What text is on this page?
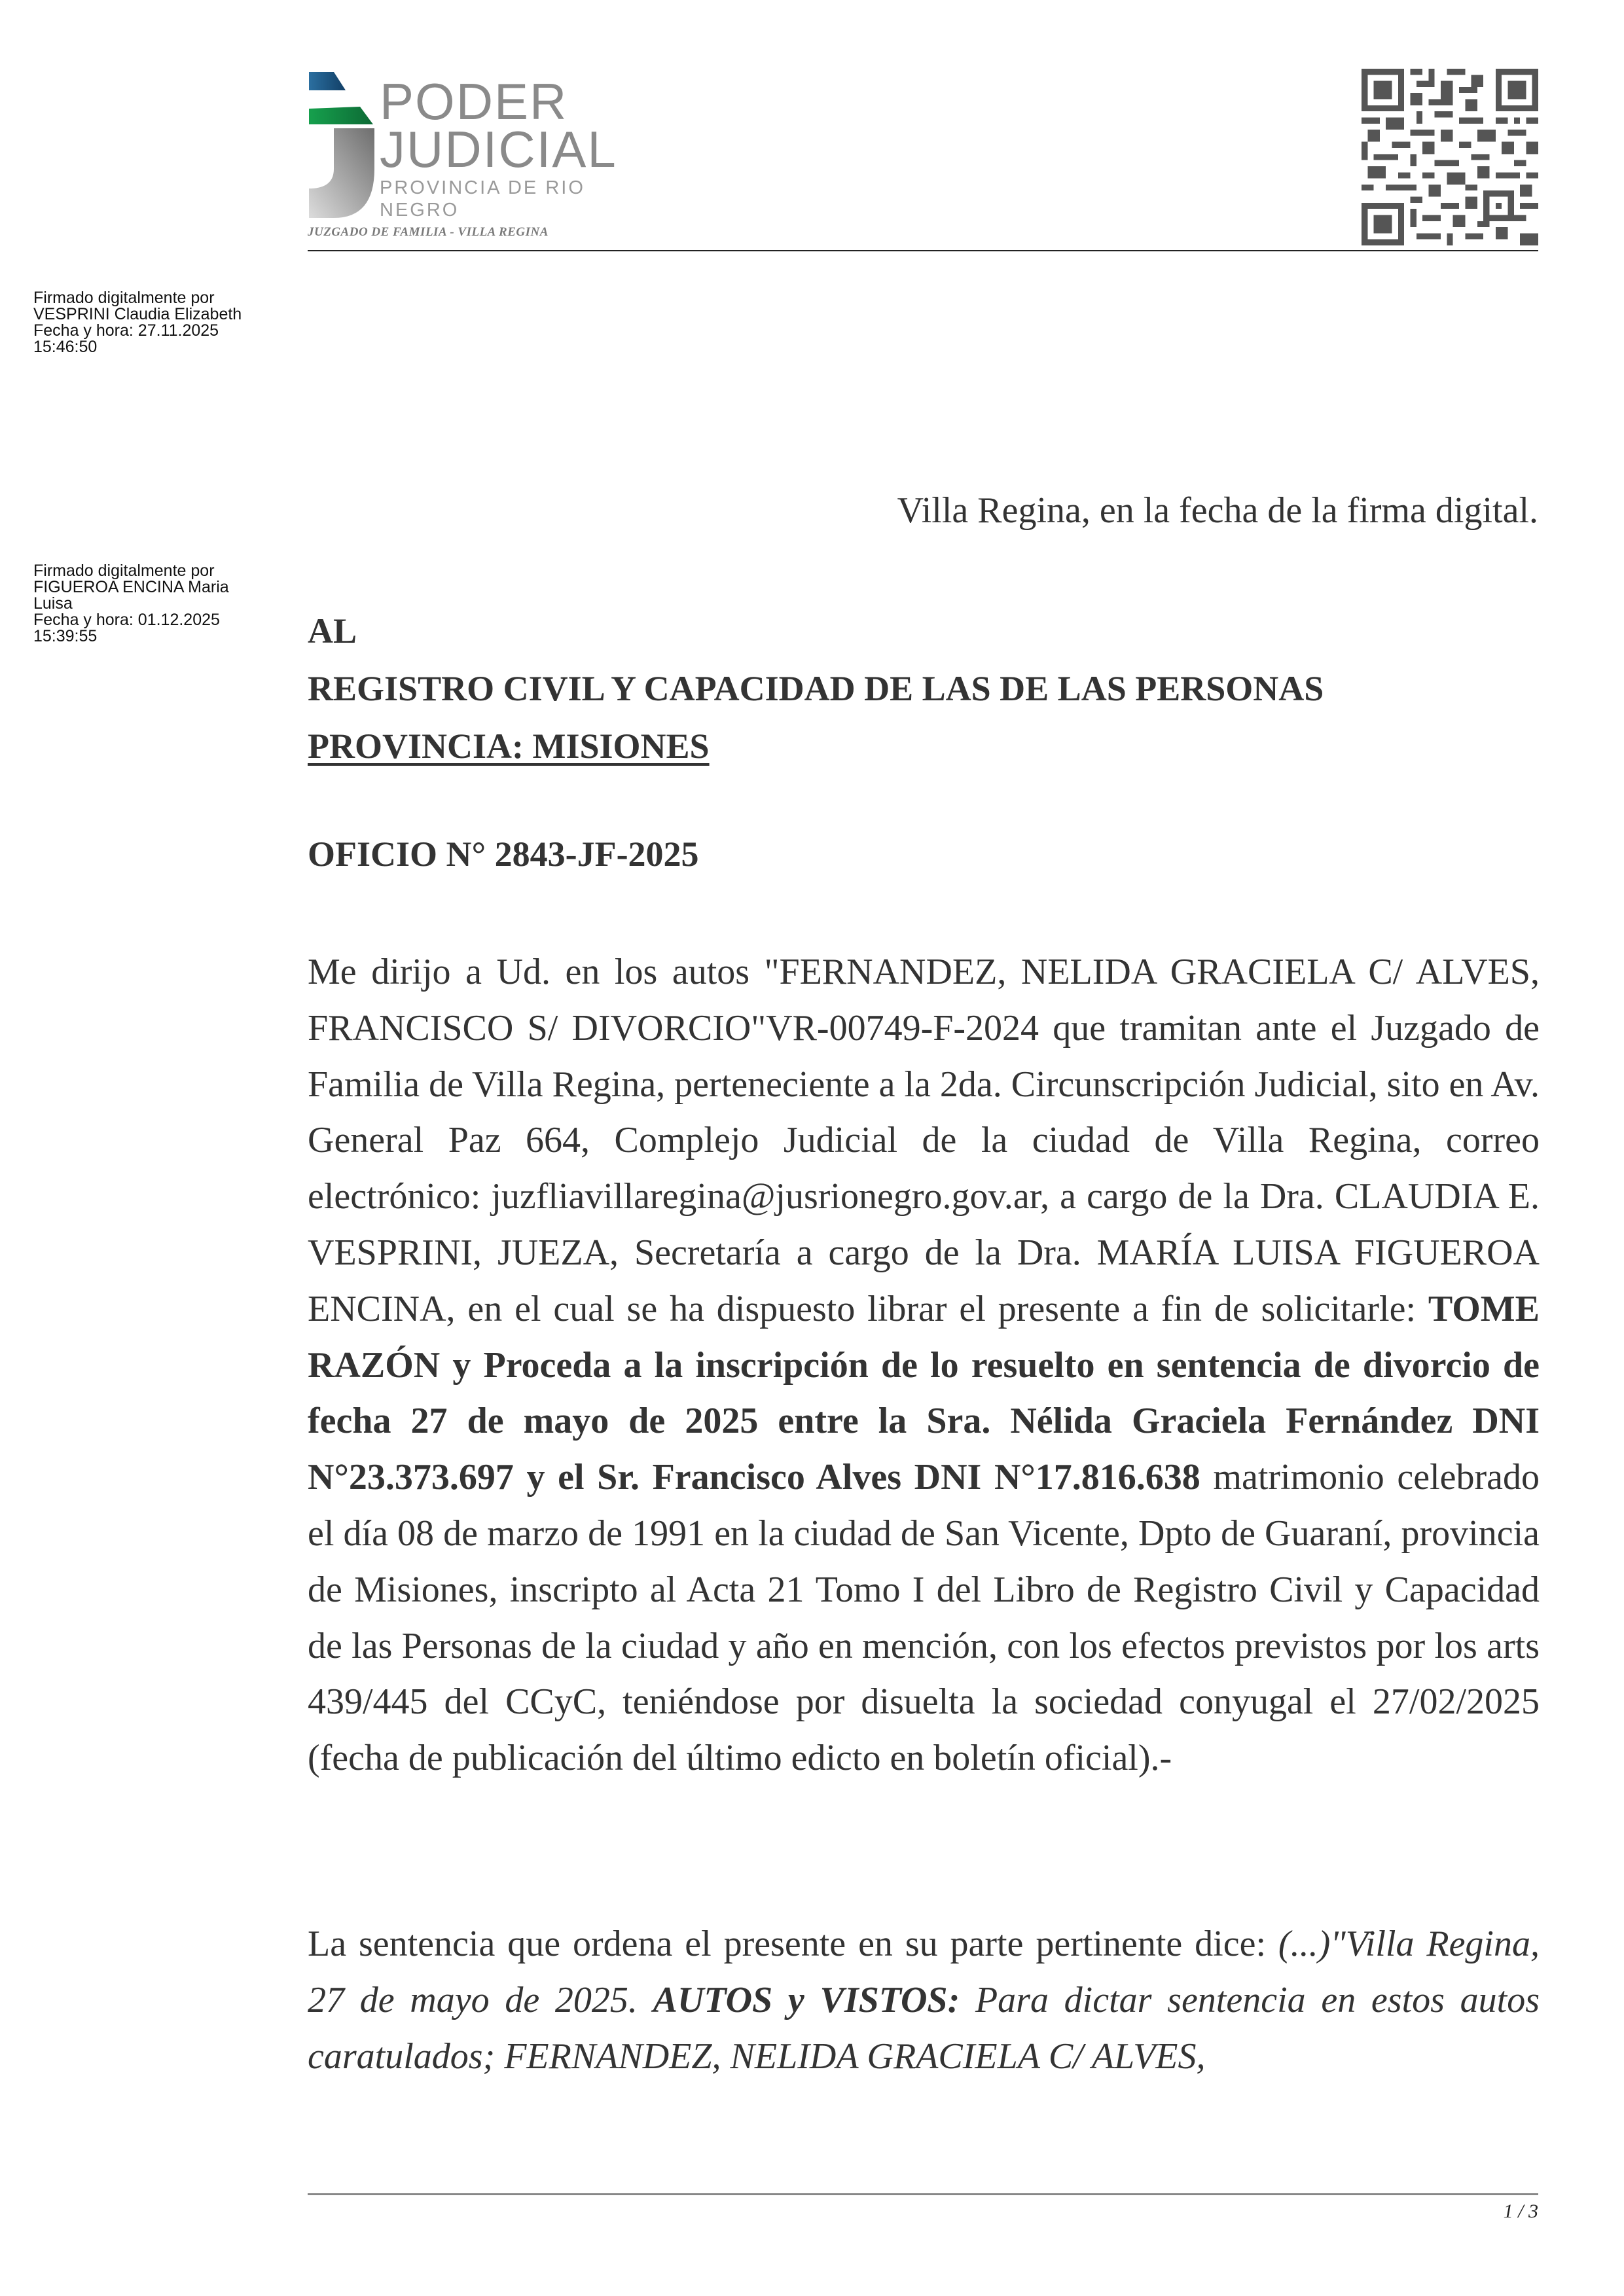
PODER
JUDICIAL
PROVINCIA DE RIO NEGRO
JUZGADO DE FAMILIA - VILLA REGINA
Firmado digitalmente por
VESPRINI Claudia Elizabeth
Fecha y hora: 27.11.2025
15:46:50
Firmado digitalmente por
FIGUEROA ENCINA Maria
Luisa
Fecha y hora: 01.12.2025
15:39:55
Villa Regina, en la fecha de la firma digital.
AL
REGISTRO CIVIL Y CAPACIDAD DE LAS DE LAS PERSONAS
PROVINCIA: MISIONES
OFICIO N° 2843-JF-2025
Me dirijo a Ud. en los autos "FERNANDEZ, NELIDA GRACIELA C/ ALVES, FRANCISCO S/ DIVORCIO"VR-00749-F-2024 que tramitan ante el Juzgado de Familia de Villa Regina, perteneciente a la 2da. Circunscripción Judicial, sito en Av. General Paz 664, Complejo Judicial de la ciudad de Villa Regina, correo electrónico: juzfliavillaregina@jusrionegro.gov.ar, a cargo de la Dra. CLAUDIA E. VESPRINI, JUEZA, Secretaría a cargo de la Dra. MARÍA LUISA FIGUEROA ENCINA, en el cual se ha dispuesto librar el presente a fin de solicitarle: TOME RAZÓN y Proceda a la inscripción de lo resuelto en sentencia de divorcio de fecha 27 de mayo de 2025 entre la Sra. Nélida Graciela Fernández DNI N°23.373.697 y el Sr. Francisco Alves DNI N°17.816.638 matrimonio celebrado el día 08 de marzo de 1991 en la ciudad de San Vicente, Dpto de Guaraní, provincia de Misiones, inscripto al Acta 21 Tomo I del Libro de Registro Civil y Capacidad de las Personas de la ciudad y año en mención, con los efectos previstos por los arts 439/445 del CCyC, teniéndose por disuelta la sociedad conyugal el 27/02/2025 (fecha de publicación del último edicto en boletín oficial).-
La sentencia que ordena el presente en su parte pertinente dice: (...)"Villa Regina, 27 de mayo de 2025. AUTOS y VISTOS: Para dictar sentencia en estos autos caratulados; FERNANDEZ, NELIDA GRACIELA C/ ALVES,
1 / 3
